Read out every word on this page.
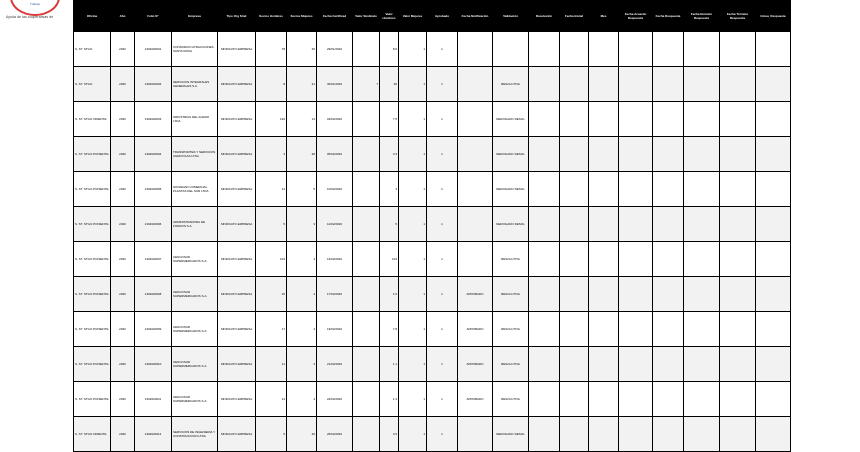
Trabajo
Ayuda de las cooperativas de	Oficina	Año	Folio N°	Empresa	Tipo Org Sind	Socios Hombres	Socios Mujeres	Fecha Certificad	Valor Sindicato	Valor Hombres	Valor Mujeres	Aprobado	Fecha Notificación	Validación	Resolución	Fecha Inicial	Mes	Fecha Acuerdo Respuesta	Fecha Respuesta	Fecha Emisión Respuesta	Fecha Término Respuesta	Glosa_Respuesta
S. ST. STGO	2020	1302020001	CONSORCIO ATRACCIONES SANTA ROSA	SINDICATO EMPRESA	78	30	29/01/2020		8.6	1	1										
S. ST. STGO	2020	1302020002	SERVICIOS INTEGRALES GENERALES S.A.	SINDICATO EMPRESA	8	31	30/01/2020	7	30	1	1		RESOLUTIVA								
S. ST. STGO ORIENTE	2020	1302020003	INDUSTRIAS DEL ACERO LTDA	SINDICATO EMPRESA	120	14	03/02/2020		7.5	1	1		DEROGADO RESOL								
S. ST. STGO PONIENTE	2020	1302020004	TRANSPORTES Y SERVICIOS AGRICOLAS LTDA	SINDICATO EMPRESA	3	28	05/02/2020		3.3	1	1		DEROGADO RESOL								
S. ST. STGO PONIENTE	2020	1302020005	SOCIEDAD COMERCIAL PLANTAS DEL SUR LTDA	SINDICATO EMPRESA	14	5	10/02/2020		3	1	1		DEROGADO RESOL								
S. ST. STGO PONIENTE	2020	1302020006	ADMINISTRADORA DE FONDOS S.A.	SINDICATO EMPRESA	5	3	12/02/2020		5	1	1		DEROGADO RESOL								
S. ST. STGO PONIENTE	2020	1302020007	CENCOSUD SUPERMERCADOS S.A.	SINDICATO EMPRESA	103	4	14/02/2020		103	1	1		RESOLUTIVA								
S. ST. STGO PONIENTE	2020	1302020008	CENCOSUD SUPERMERCADOS S.A.	SINDICATO EMPRESA	15	4	17/02/2020		1.5	1	1	APROBADO	RESOLUTIVA								
S. ST. STGO PONIENTE	2020	1302020009	CENCOSUD SUPERMERCADOS S.A.	SINDICATO EMPRESA	17	4	19/02/2020		7.8	1	1	APROBADO	RESOLUTIVA								
S. ST. STGO PONIENTE	2020	1302020010	CENCOSUD SUPERMERCADOS S.A.	SINDICATO EMPRESA	11	4	21/02/2020		1.1	1	1	APROBADO	RESOLUTIVA								
S. ST. STGO PONIENTE	2020	1302020011	CENCOSUD SUPERMERCADOS S.A.	SINDICATO EMPRESA	14	4	24/02/2020		1.4	1	1	APROBADO	RESOLUTIVA								
S. ST. STGO ORIENTE	2020	1302020012	SERVICIOS DE INGENIERIA Y CONSTRUCCION LTDA	SINDICATO EMPRESA	5	40	26/02/2020		4.5	1	1		DEROGADO RESOL								
